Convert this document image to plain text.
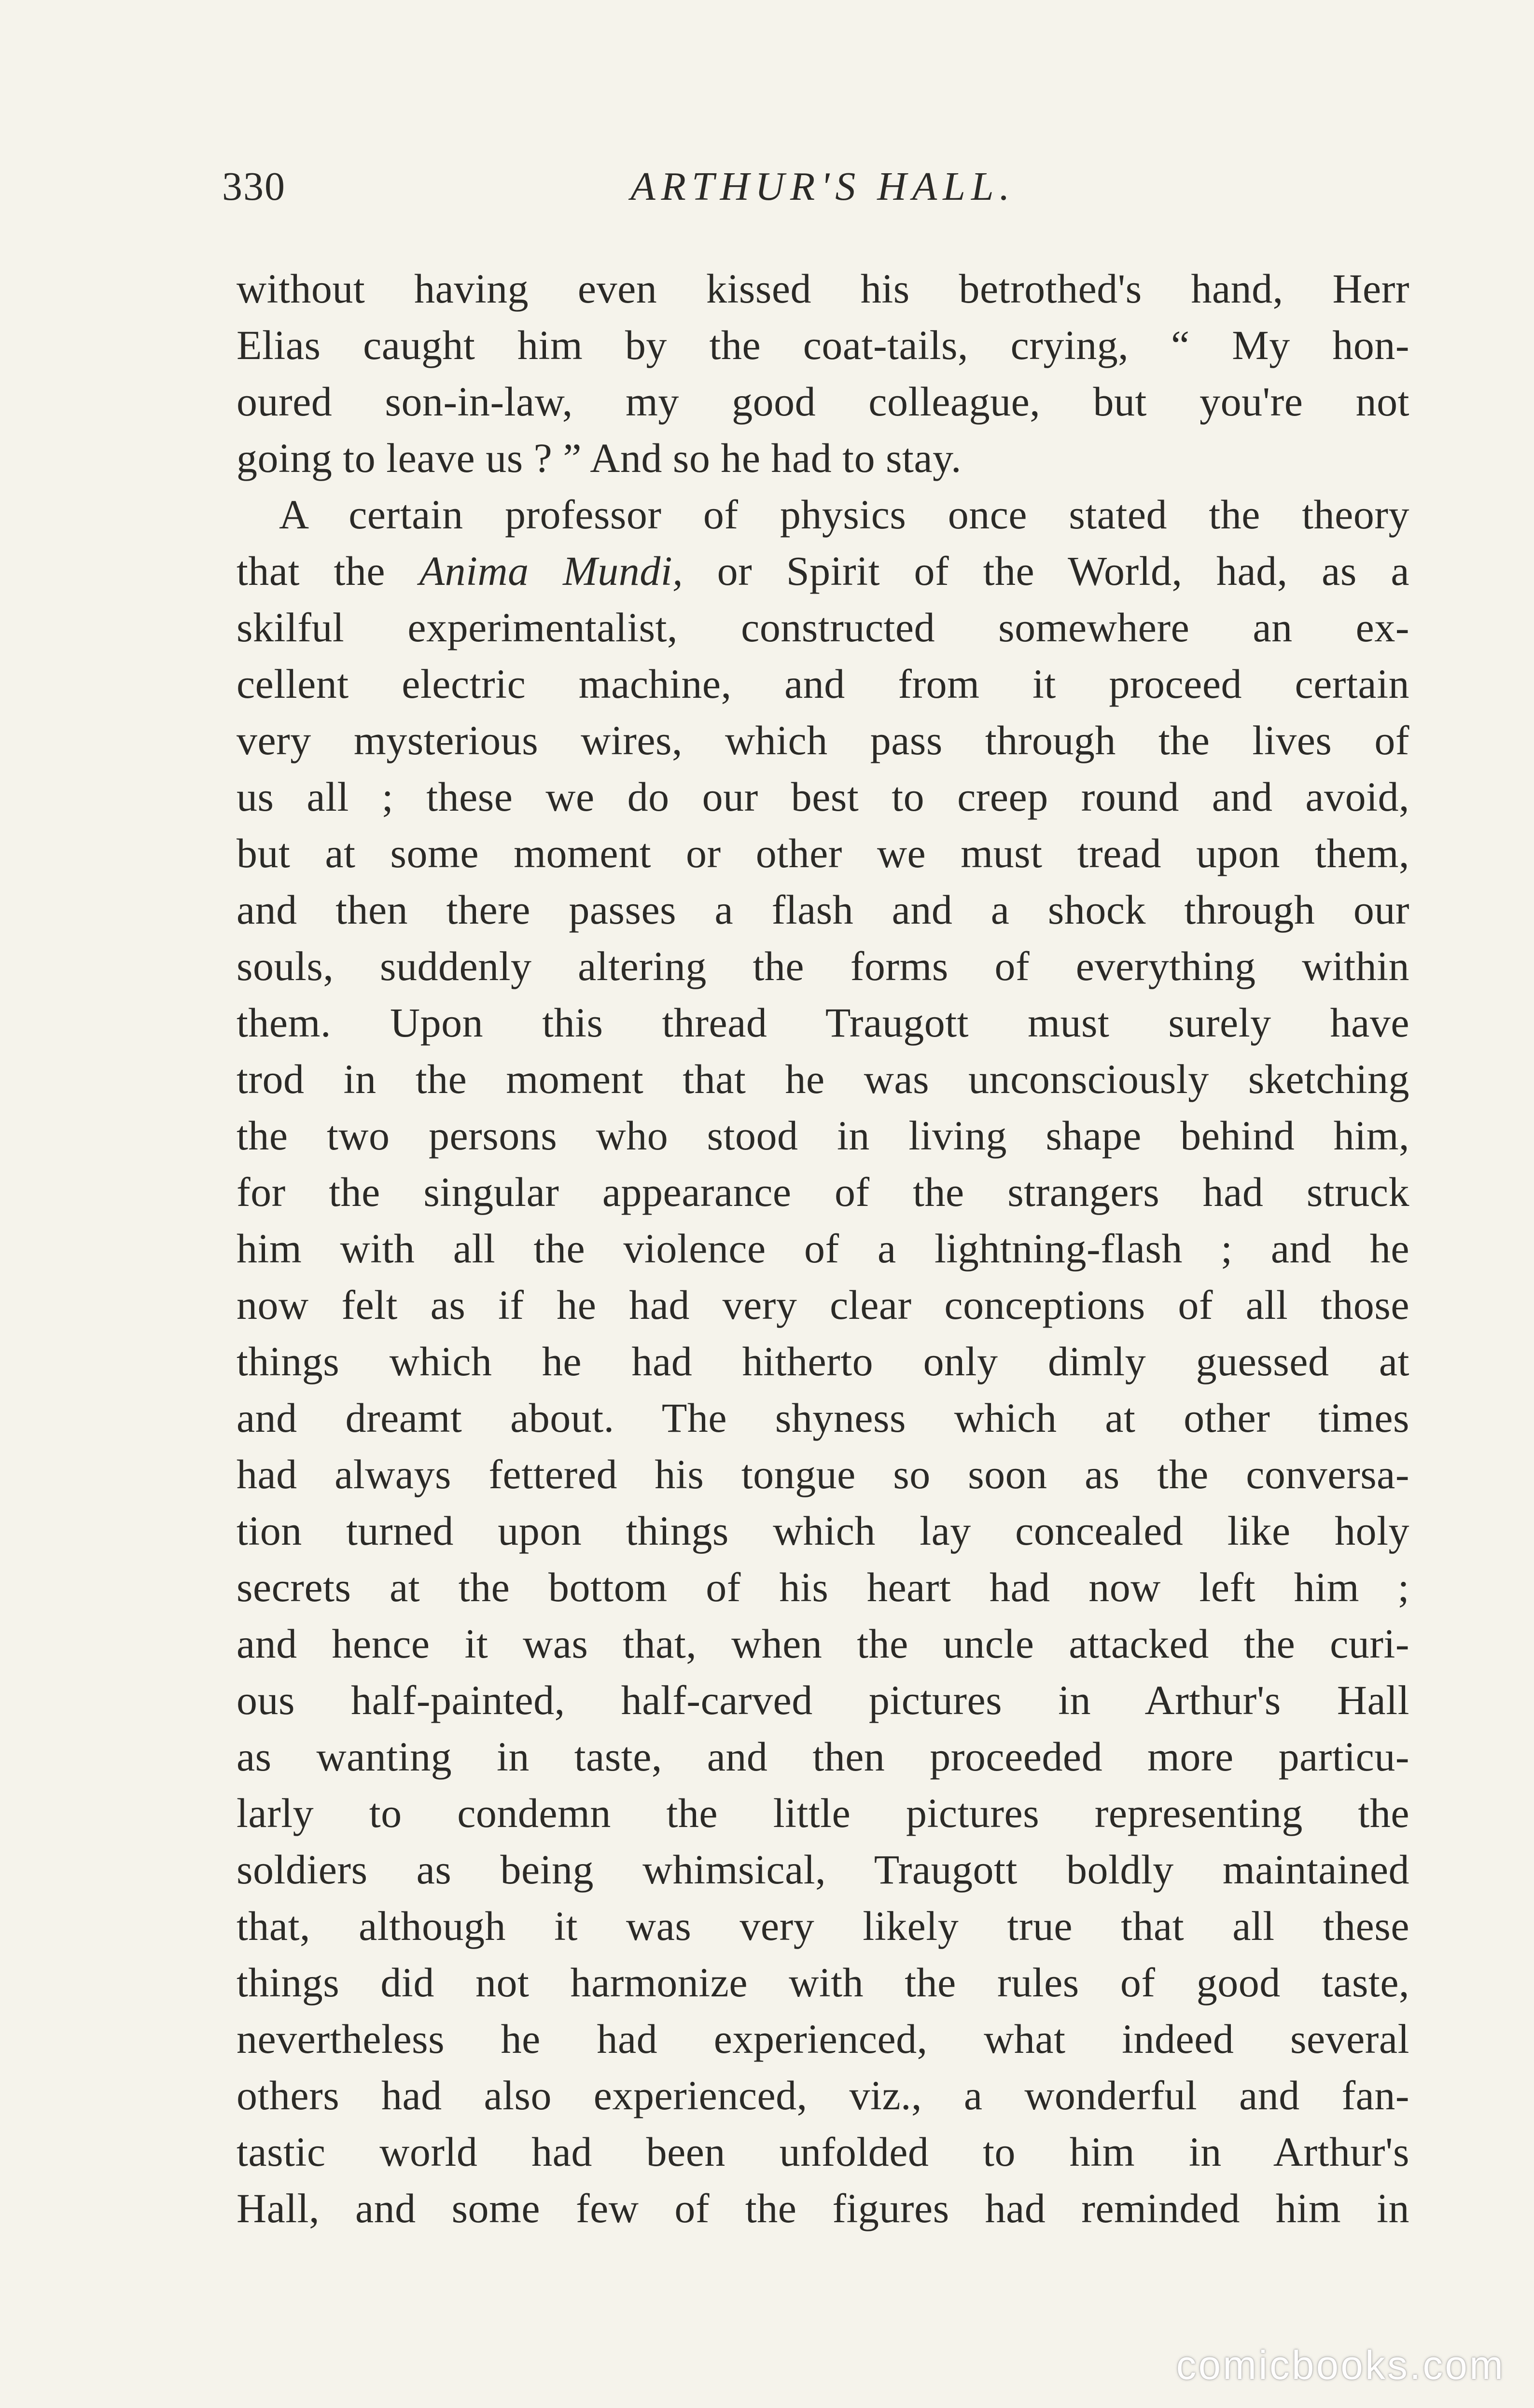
330	ARTHUR'S HALL.
without having even kissed his betrothed's hand, Herr
Elias caught him by the coat-tails, crying, “ My hon-
oured son-in-law, my good colleague, but you're not
going to leave us ? ” And so he had to stay.
A certain professor of physics once stated the theory
that the Anima Mundi, or Spirit of the World, had, as a
skilful experimentalist, constructed somewhere an ex-
cellent electric machine, and from it proceed certain
very mysterious wires, which pass through the lives of
us all ; these we do our best to creep round and avoid,
but at some moment or other we must tread upon them,
and then there passes a flash and a shock through our
souls, suddenly altering the forms of everything within
them. Upon this thread Traugott must surely have
trod in the moment that he was unconsciously sketching
the two persons who stood in living shape behind him,
for the singular appearance of the strangers had struck
him with all the violence of a lightning-flash ; and he
now felt as if he had very clear conceptions of all those
things which he had hitherto only dimly guessed at
and dreamt about. The shyness which at other times
had always fettered his tongue so soon as the conversa-
tion turned upon things which lay concealed like holy
secrets at the bottom of his heart had now left him ;
and hence it was that, when the uncle attacked the curi-
ous half-painted, half-carved pictures in Arthur's Hall
as wanting in taste, and then proceeded more particu-
larly to condemn the little pictures representing the
soldiers as being whimsical, Traugott boldly maintained
that, although it was very likely true that all these
things did not harmonize with the rules of good taste,
nevertheless he had experienced, what indeed several
others had also experienced, viz., a wonderful and fan-
tastic world had been unfolded to him in Arthur's
Hall, and some few of the figures had reminded him in
comicbooks.com
